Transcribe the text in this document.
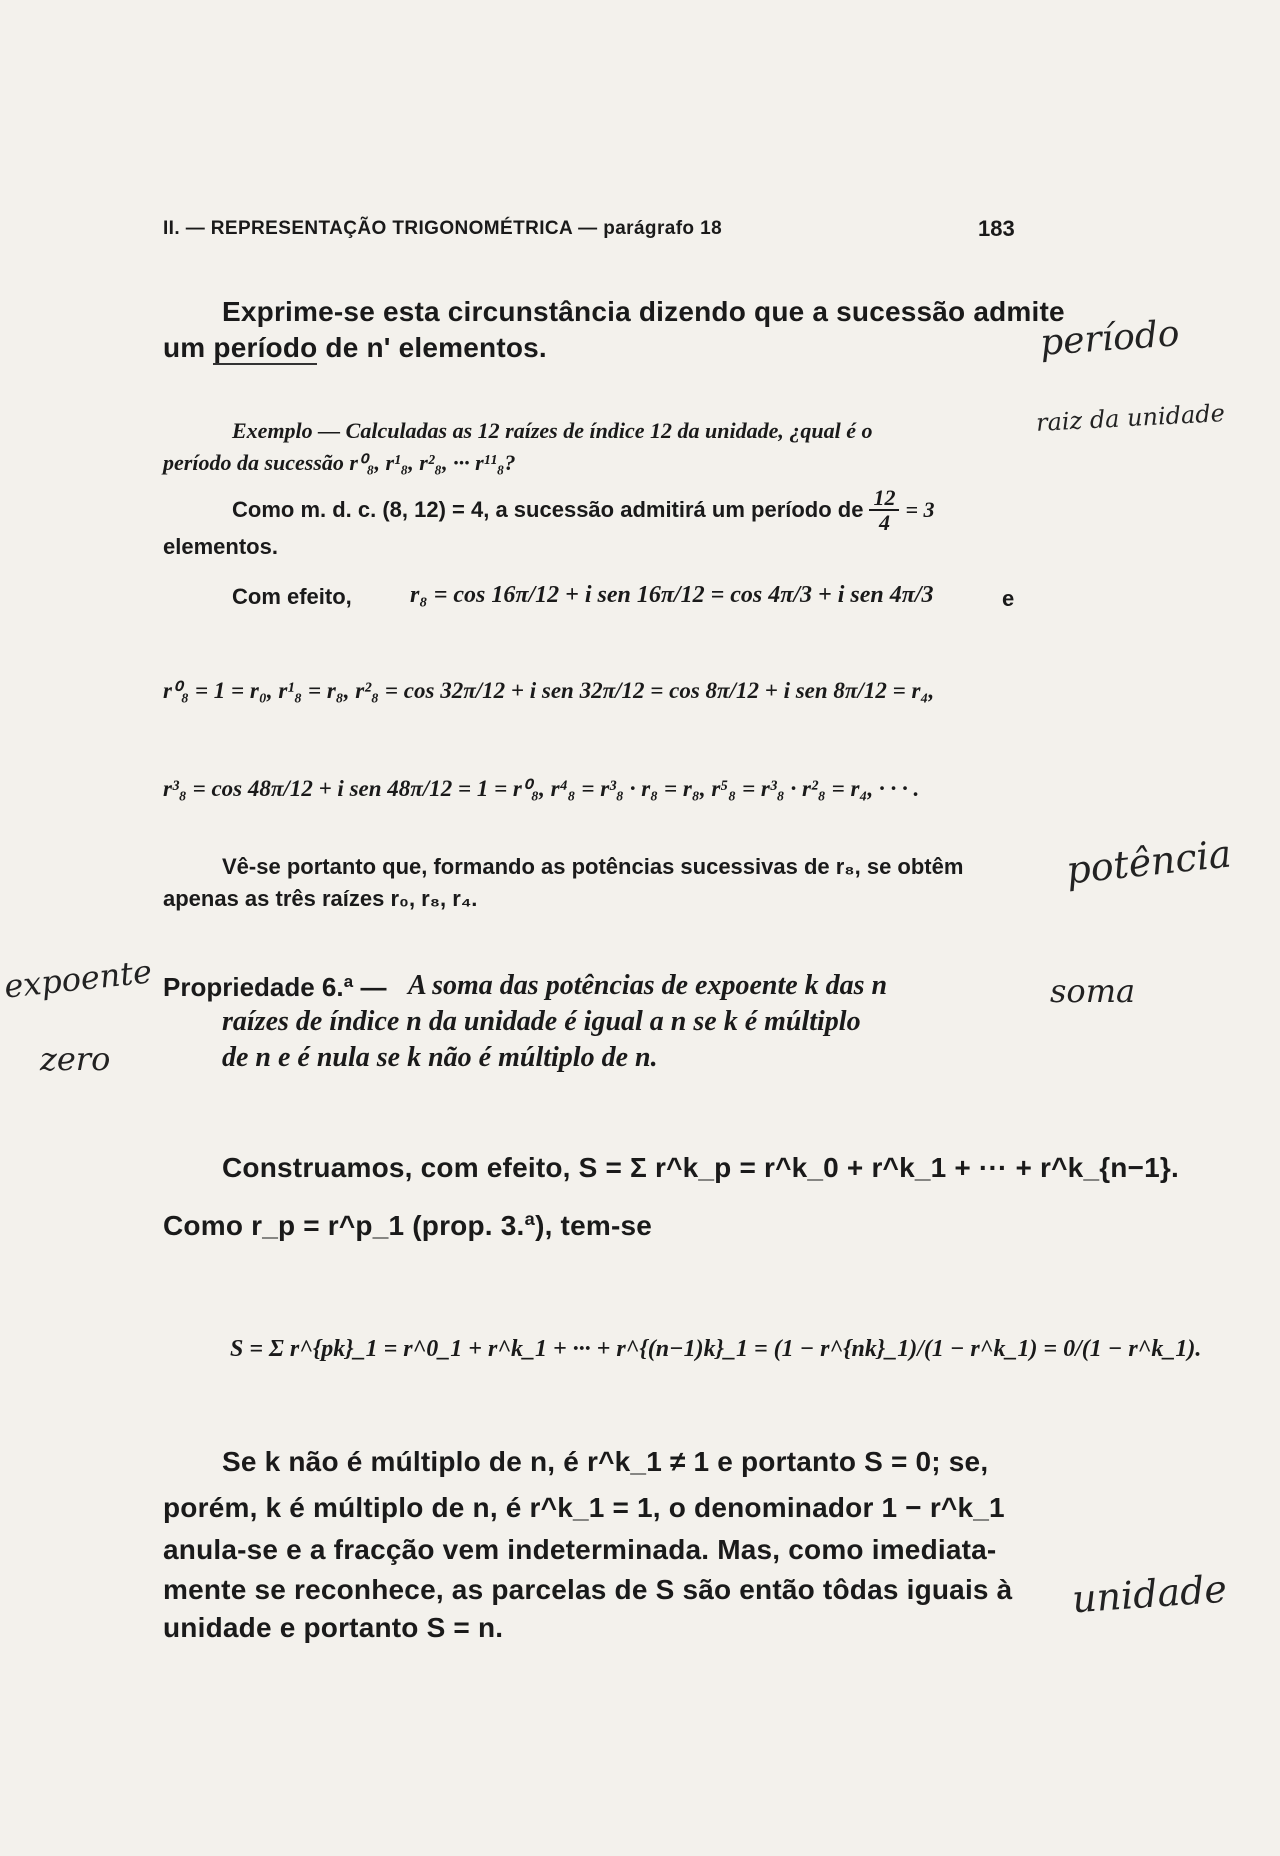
II. — REPRESENTAÇÃO TRIGONOMÉTRICA — parágrafo 18	183
Exprime-se esta circunstância dizendo que a sucessão admite
um período de n' elementos.	período
Exemplo — Calculadas as 12 raízes de índice 12 da unidade, ¿qual é o	raiz da unidade
período da sucessão r⁰₈, r¹₈, r²₈, ··· r¹¹₈?
Como m. d. c. (8, 12) = 4, a sucessão admitirá um período de $\frac{12}{4} = 3$
elementos.
Com efeito, r₈ = cos 16π/12 + i sen 16π/12 = cos 4π/3 + i sen 4π/3	e
r⁰₈ = 1 = r₀, r¹₈ = r₈, r²₈ = cos 32π/12 + i sen 32π/12 = cos 8π/12 + i sen 8π/12 = r₄,
r³₈ = cos 48π/12 + i sen 48π/12 = 1 = r⁰₈, r⁴₈ = r³₈ · r₈ = r₈, r⁵₈ = r³₈ · r²₈ = r₄, · · · .
Vê-se portanto que, formando as potências sucessivas de r₈, se obtêm
apenas as três raízes r₀, r₈, r₄.
potência
expoente
zero
soma
Propriedade 6.ª — A soma das potências de expoente k das n
raízes de índice n da unidade é igual a n se k é múltiplo
de n e é nula se k não é múltiplo de n.
Construamos, com efeito, S = Σ r^k_p = r^k_0 + r^k_1 + ··· + r^k_{n−1}.
Como r_p = r^p_1 (prop. 3.ª), tem-se
S = Σ r^{pk}_1 = r^0_1 + r^k_1 + ··· + r^{(n−1)k}_1 = (1 − r^{nk}_1)/(1 − r^k_1) = 0/(1 − r^k_1).
Se k não é múltiplo de n, é r^k_1 ≠ 1 e portanto S = 0; se,
porém, k é múltiplo de n, é r^k_1 = 1, o denominador 1 − r^k_1
anula-se e a fracção vem indeterminada. Mas, como imediata-
mente se reconhece, as parcelas de S são então tôdas iguais à
unidade e portanto S = n.
unidade
